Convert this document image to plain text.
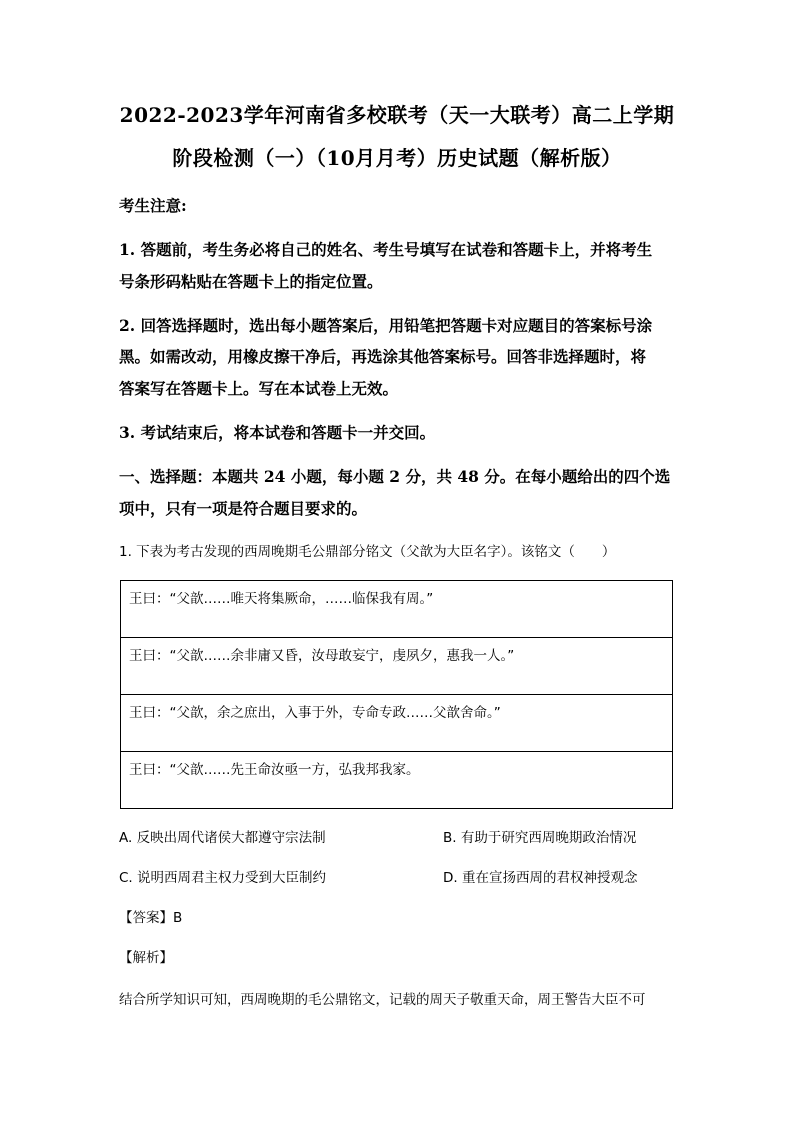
2022-2023学年河南省多校联考（天一大联考）高二上学期
阶段检测（一）（10月月考）历史试题（解析版）
考生注意:
1. 答题前，考生务必将自己的姓名、考生号填写在试卷和答题卡上，并将考生
号条形码粘贴在答题卡上的指定位置。
2. 回答选择题时，选出每小题答案后，用铅笔把答题卡对应题目的答案标号涂
黑。如需改动，用橡皮擦干净后，再选涂其他答案标号。回答非选择题时，将
答案写在答题卡上。写在本试卷上无效。
3. 考试结束后，将本试卷和答题卡一并交回。
一、选择题：本题共 24 小题，每小题 2 分，共 48 分。在每小题给出的四个选
项中，只有一项是符合题目要求的。
1. 下表为考古发现的西周晚期毛公鼎部分铭文（父歆为大臣名字）。该铭文（　　）
王曰：“父歆……唯天将集厥命，……临保我有周。”
王曰：“父歆……余非庸又昏，汝母敢妄宁，虔夙夕，惠我一人。”
王曰：“父歆，余之庶出，入事于外，专命专政……父歆舍命。”
王曰：“父歆……先王命汝亟一方，弘我邦我家。
A. 反映出周代诸侯大都遵守宗法制	B. 有助于研究西周晚期政治情况
C. 说明西周君主权力受到大臣制约	D. 重在宣扬西周的君权神授观念
【答案】B
【解析】
结合所学知识可知，西周晚期的毛公鼎铭文，记载的周天子敬重天命，周王警告大臣不可
